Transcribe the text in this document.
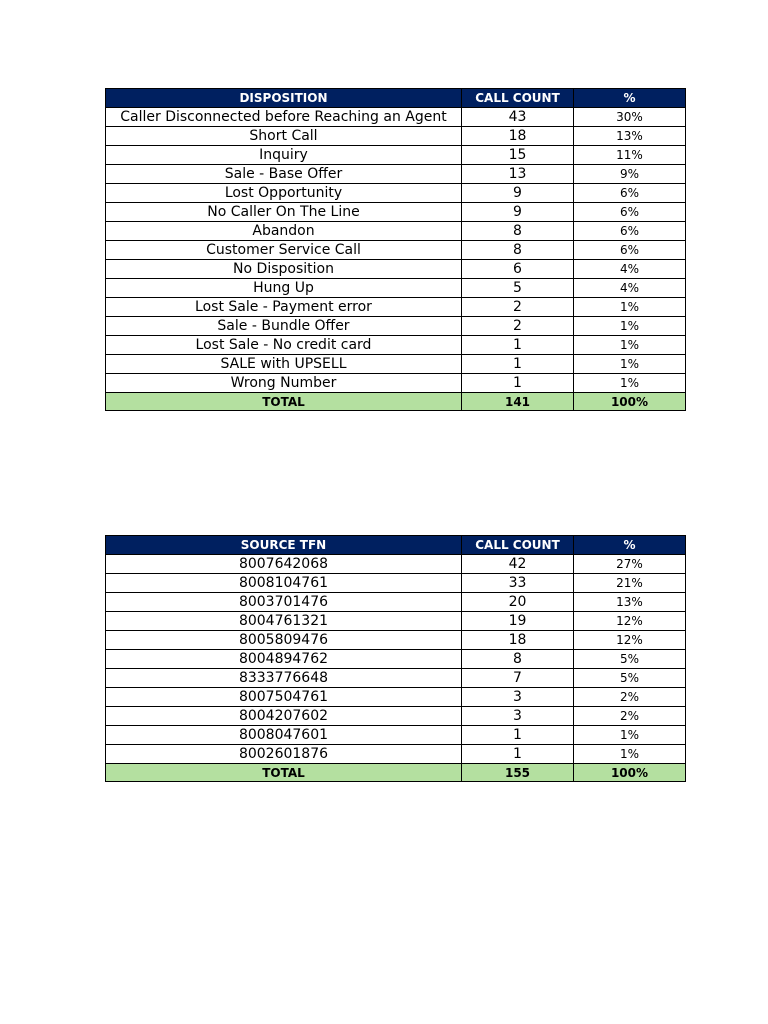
DISPOSITION	CALL COUNT	%
Caller Disconnected before Reaching an Agent	43	30%
Short Call	18	13%
Inquiry	15	11%
Sale - Base Offer	13	9%
Lost Opportunity	9	6%
No Caller On The Line	9	6%
Abandon	8	6%
Customer Service Call	8	6%
No Disposition	6	4%
Hung Up	5	4%
Lost Sale - Payment error	2	1%
Sale - Bundle Offer	2	1%
Lost Sale - No credit card	1	1%
SALE with UPSELL	1	1%
Wrong Number	1	1%
TOTAL	141	100%
SOURCE TFN	CALL COUNT	%
8007642068	42	27%
8008104761	33	21%
8003701476	20	13%
8004761321	19	12%
8005809476	18	12%
8004894762	8	5%
8333776648	7	5%
8007504761	3	2%
8004207602	3	2%
8008047601	1	1%
8002601876	1	1%
TOTAL	155	100%
